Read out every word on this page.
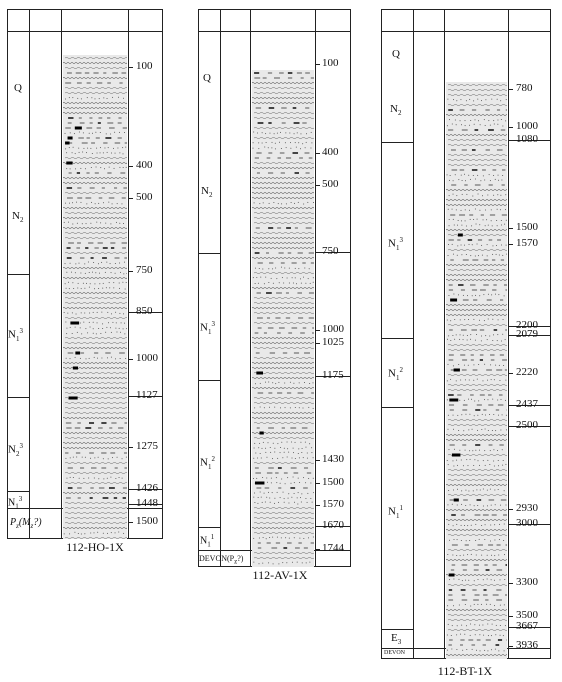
Q
$N_2$
$N_1^3$
$N_2^3$
$N_1^3$
$P_z(M_z?)$
100
400
500
750
850
1000
1127
1275
1426
1448
1500
112-HO-1X
Q
$N_2$
$N_1^3$
$N_1^2$
$N_1^1$
$DEVON(P_z?)$
100
400
500
750
1000
1025
1175
1430
1500
1570
1670
1744
112-AV-1X
Q
$N_2$
$N_1^3$
$N_1^2$
$N_1^1$
$E_3$
DEVON
780
1000
1080
1500
1570
2200
2079
2220
2437
2500
2930
3000
3300
3500
3667
3936
112-BT-1X
